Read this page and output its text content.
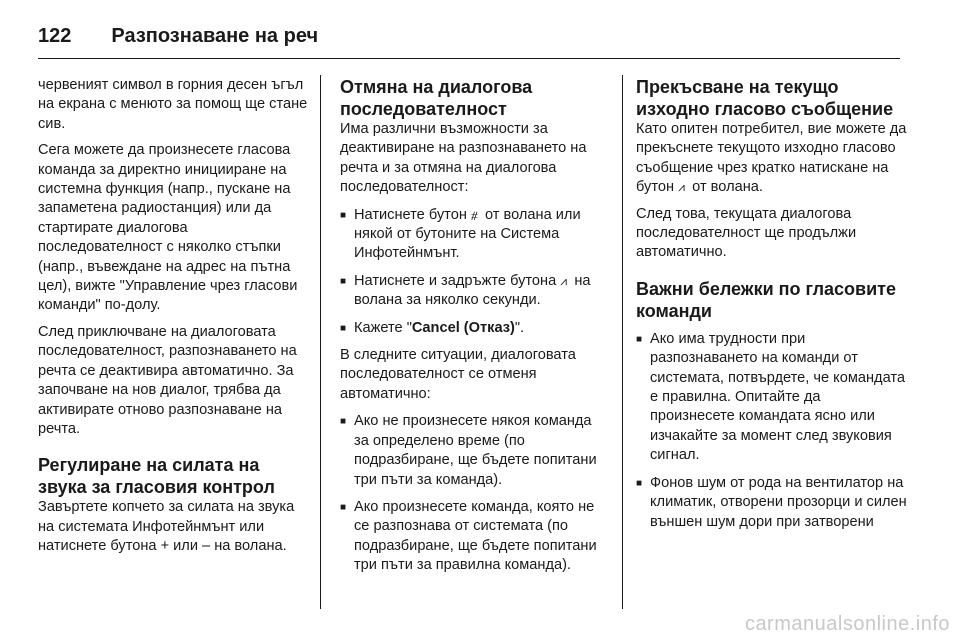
122 Разпознаване на реч

червеният символ в горния десен ъгъл на екрана с менюто за помощ ще стане сив.

Сега можете да произнесете гласова команда за директно иницииране на системна функция (напр., пускане на запаметена радиостанция) или да стартирате диалогова последователност с няколко стъпки (напр., въвеждане на адрес на пътна цел), вижте "Управление чрез гласови команди" по-долу.

След приключване на диалоговата последователност, разпознаването на речта се деактивира автоматично. За започване на нов диалог, трябва да активирате отново разпознаване на речта.

Регулиране на силата на звука за гласовия контрол

Завъртете копчето за силата на звука на системата Инфотейнмънт или натиснете бутона + или – на волана.

Отмяна на диалогова последователност

Има различни възможности за деактивиране на разпознаването на речта и за отмяна на диалогова последователност:

■ Натиснете бутон ⧣ от волана или някой от бутоните на Система Инфотейнмънт.
■ Натиснете и задръжте бутона ⩘ на волана за няколко секунди.
■ Кажете "Cancel (Отказ)".

В следните ситуации, диалоговата последователност се отменя автоматично:

■ Ако не произнесете някоя команда за определено време (по подразбиране, ще бъдете попитани три пъти за команда).
■ Ако произнесете команда, която не се разпознава от системата (по подразбиране, ще бъдете попитани три пъти за правилна команда).
Прекъсване на текущо изходно гласово съобщение

Като опитен потребител, вие можете да прекъснете текущото изходно гласово съобщение чрез кратко натискане на бутон ⩘ от волана.

След това, текущата диалогова последователност ще продължи автоматично.

Важни бележки по гласовите команди
■ Ако има трудности при разпознаването на команди от системата, потвърдете, че командата е правилна. Опитайте да произнесете командата ясно или изчакайте за момент след звуковия сигнал.
■ Фонов шум от рода на вентилатор на климатик, отворени прозорци и силен външен шум дори при затворени
carmanualsonline.info
